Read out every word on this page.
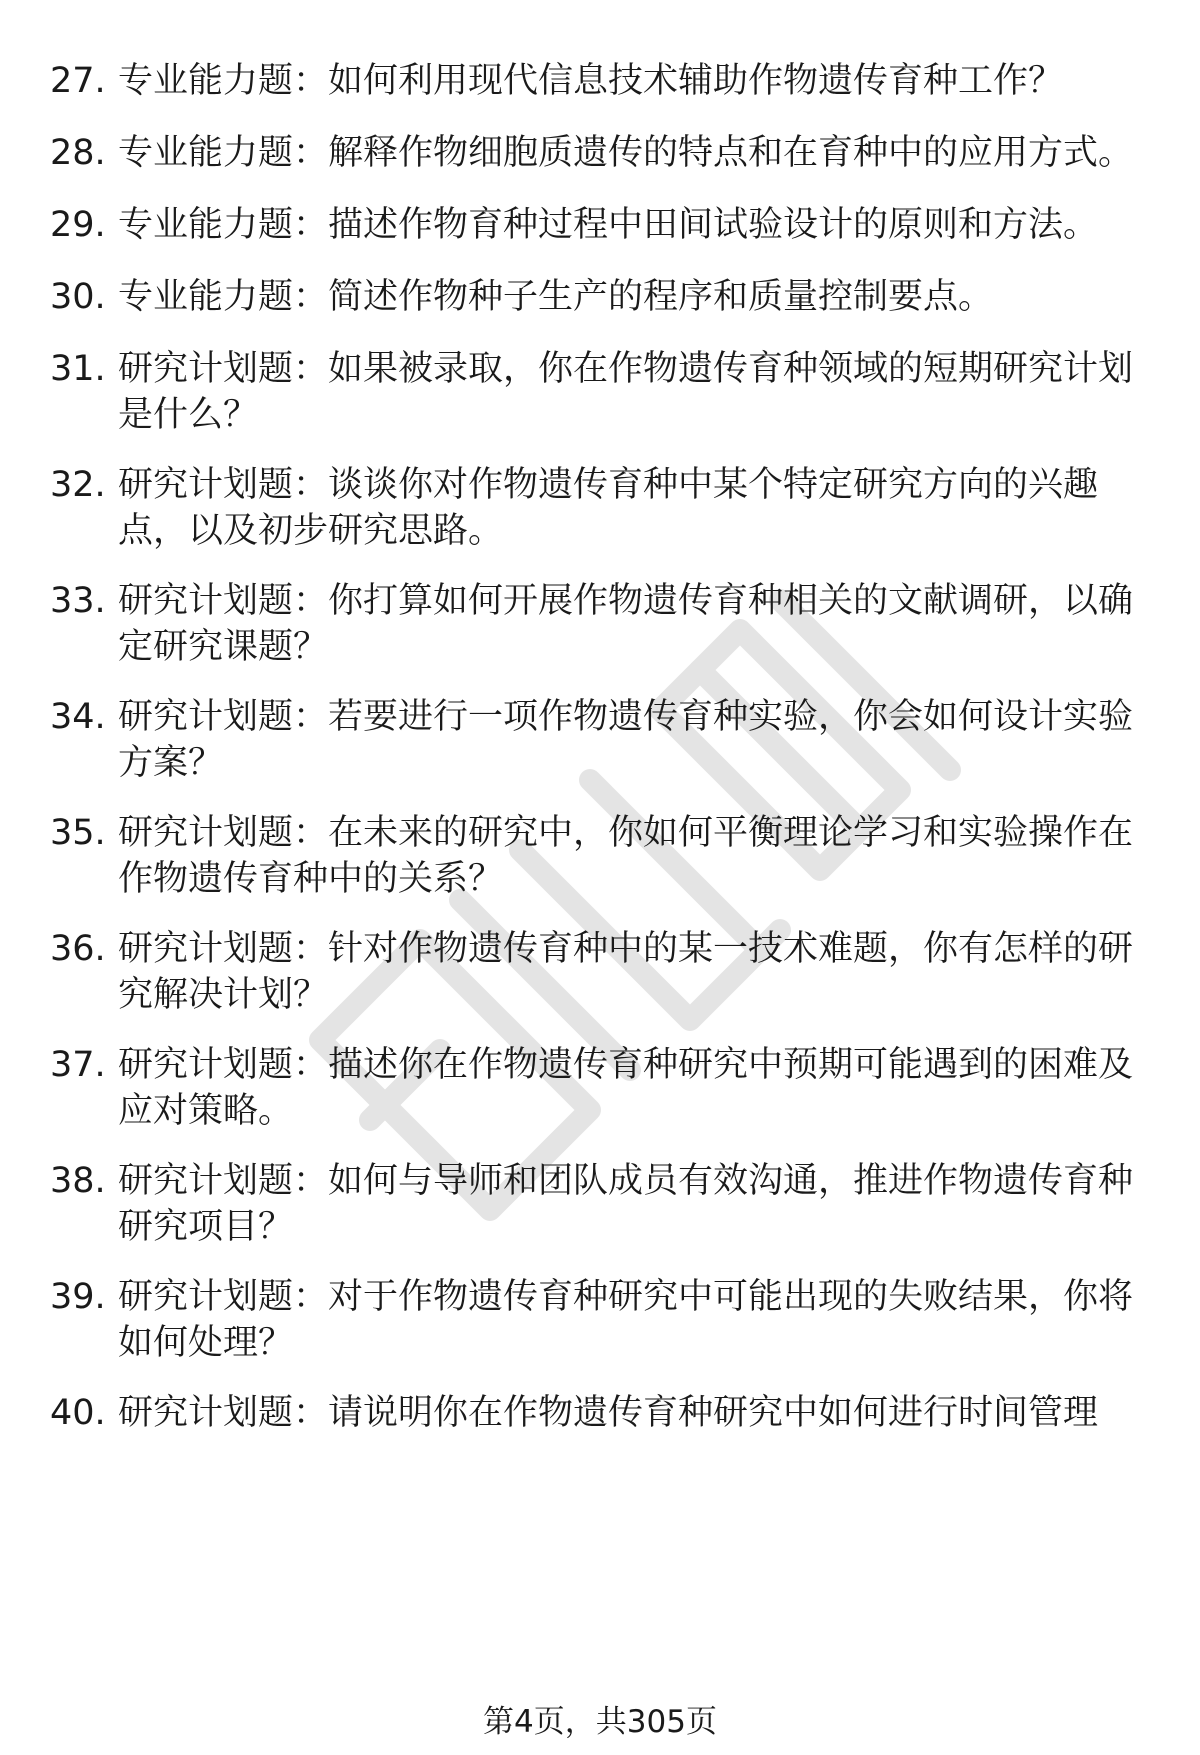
27. 专业能力题：如何利用现代信息技术辅助作物遗传育种工作？
28. 专业能力题：解释作物细胞质遗传的特点和在育种中的应用方式。
29. 专业能力题：描述作物育种过程中田间试验设计的原则和方法。
30. 专业能力题：简述作物种子生产的程序和质量控制要点。
31. 研究计划题：如果被录取，你在作物遗传育种领域的短期研究计划是什么？
32. 研究计划题：谈谈你对作物遗传育种中某个特定研究方向的兴趣点，以及初步研究思路。
33. 研究计划题：你打算如何开展作物遗传育种相关的文献调研，以确定研究课题？
34. 研究计划题：若要进行一项作物遗传育种实验，你会如何设计实验方案？
35. 研究计划题：在未来的研究中，你如何平衡理论学习和实验操作在作物遗传育种中的关系？
36. 研究计划题：针对作物遗传育种中的某一技术难题，你有怎样的研究解决计划？
37. 研究计划题：描述你在作物遗传育种研究中预期可能遇到的困难及应对策略。
38. 研究计划题：如何与导师和团队成员有效沟通，推进作物遗传育种研究项目？
39. 研究计划题：对于作物遗传育种研究中可能出现的失败结果，你将如何处理？
40. 研究计划题：请说明你在作物遗传育种研究中如何进行时间管理
第4页，共305页
